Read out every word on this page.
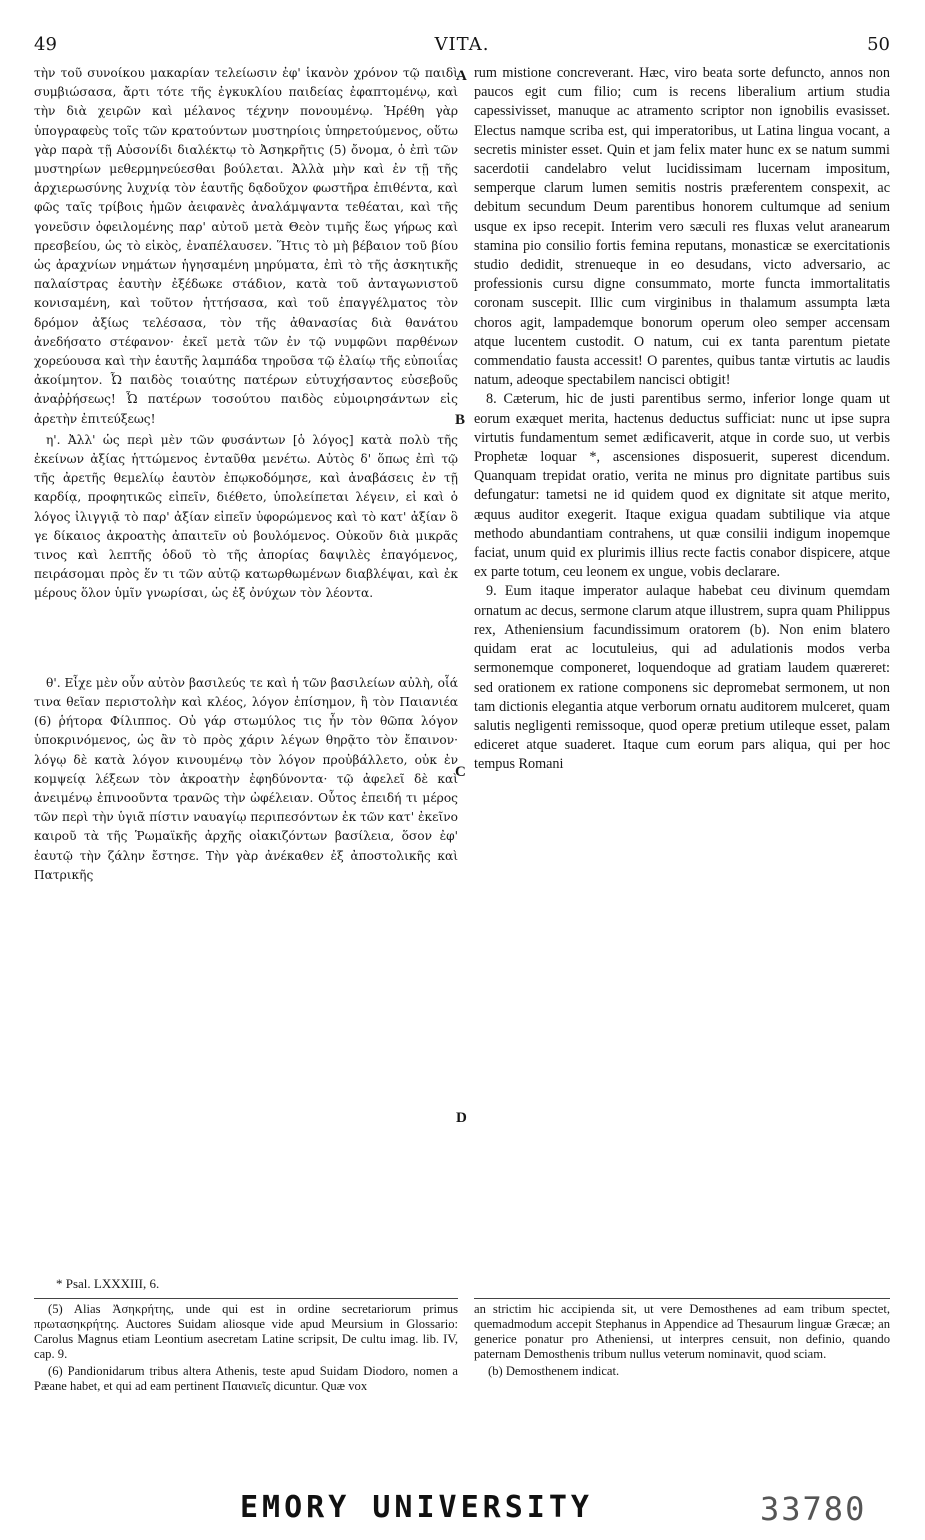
49	VITA.	50

τὴν τοῦ συνοίκου μακαρίαν τελείωσιν ἐφ' ἱκανὸν χρόνον τῷ παιδὶ συμβιώσασα, ἄρτι τότε τῆς ἐγκυκλίου παιδείας ἐφαπτομένῳ, καὶ τὴν διὰ χειρῶν καὶ μέλανος τέχνην πονουμένῳ. Ἡρέθη γὰρ ὑπογραφεὺς τοῖς τῶν κρατούντων μυστηρίοις ὑπηρετούμενος, οὕτω γὰρ παρὰ τῇ Αὐσονίδι διαλέκτῳ τὸ Ἀσηκρῆτις (5) ὄνομα, ὁ ἐπὶ τῶν μυστηρίων μεθερμηνεύεσθαι βούλεται. Ἀλλὰ μὴν καὶ ἐν τῇ τῆς ἀρχιερωσύνης λυχνίᾳ τὸν ἑαυτῆς δᾳδοῦχον φωστῆρα ἐπιθέντα, καὶ φῶς ταῖς τρίβοις ἡμῶν ἀειφανὲς ἀναλάμψαντα τεθέαται, καὶ τῆς γονεῦσιν ὀφειλομένης παρ' αὐτοῦ μετὰ Θεὸν τιμῆς ἕως γήρως καὶ πρεσβείου, ὡς τὸ εἰκὸς, ἐναπέλαυσεν. Ἥτις τὸ μὴ βέβαιον τοῦ βίου ὡς ἀραχνίων νημάτων ἡγησαμένη μηρύματα, ἐπὶ τὸ τῆς ἀσκητικῆς παλαίστρας ἑαυτὴν ἐξέδωκε στάδιον, κατὰ τοῦ ἀνταγωνιστοῦ κονισαμένη, καὶ τοῦτον ἡττήσασα, καὶ τοῦ ἐπαγγέλματος τὸν δρόμον ἀξίως τελέσασα, τὸν τῆς ἀθανασίας διὰ θανάτου ἀνεδήσατο στέφανον· ἐκεῖ μετὰ τῶν ἐν τῷ νυμφῶνι παρθένων χορεύουσα καὶ τὴν ἑαυτῆς λαμπάδα τηροῦσα τῷ ἐλαίῳ τῆς εὐποιΐας ἀκοίμητον. Ὦ παιδὸς τοιαύτης πατέρων εὐτυχήσαντος εὐσεβοῦς ἀναῤῥήσεως! Ὦ πατέρων τοσούτου παιδὸς εὐμοιρησάντων εἰς ἀρετὴν ἐπιτεύξεως!

η'. Ἀλλ' ὡς περὶ μὲν τῶν φυσάντων [ὁ λόγος] κατὰ πολὺ τῆς ἐκείνων ἀξίας ἡττώμενος ἐνταῦθα μενέτω. Αὐτὸς δ' ὅπως ἐπὶ τῷ τῆς ἀρετῆς θεμελίῳ ἑαυτὸν ἐπῳκοδόμησε, καὶ ἀναβάσεις ἐν τῇ καρδίᾳ, προφητικῶς εἰπεῖν, διέθετο, ὑπολείπεται λέγειν, εἰ καὶ ὁ λόγος ἰλιγγιᾷ τὸ παρ' ἀξίαν εἰπεῖν ὑφορώμενος καὶ τὸ κατ' ἀξίαν ὃ γε δίκαιος ἀκροατὴς ἀπαιτεῖν οὐ βουλόμενος. Οὐκοῦν διὰ μικρᾶς τινος καὶ λεπτῆς ὁδοῦ τὸ τῆς ἀπορίας δαψιλὲς ἐπαγόμενος, πειράσομαι πρὸς ἕν τι τῶν αὐτῷ κατωρθωμένων διαβλέψαι, καὶ ἐκ μέρους ὅλον ὑμῖν γνωρίσαι, ὡς ἐξ ὀνύχων τὸν λέοντα.

θ'. Εἶχε μὲν οὖν αὐτὸν βασιλεύς τε καὶ ἡ τῶν βασιλείων αὐλὴ, οἷά τινα θεῖαν περιστολὴν καὶ κλέος, λόγον ἐπίσημον, ἢ τὸν Παιανιέα (6) ῥήτορα Φίλιππος. Οὐ γάρ στωμύλος τις ἦν τὸν θῶπα λόγον ὑποκρινόμενος, ὡς ἂν τὸ πρὸς χάριν λέγων θηρᾷτο τὸν ἔπαινον· λόγῳ δὲ κατὰ λόγον κινουμένῳ τὸν λόγον προὐβάλλετο, οὐκ ἐν κομψείᾳ λέξεων τὸν ἀκροατὴν ἐφηδύνοντα· τῷ ἀφελεῖ δὲ καὶ ἀνειμένῳ ἐπινοοῦντα τρανῶς τὴν ὠφέλειαν. Οὗτος ἐπειδή τι μέρος τῶν περὶ τὴν ὑγιᾶ πίστιν ναυαγίῳ περιπεσόντων ἐκ τῶν κατ' ἐκεῖνο καιροῦ τὰ τῆς Ῥωμαϊκῆς ἀρχῆς οἰακιζόντων βασίλεια, ὅσον ἐφ' ἑαυτῷ τὴν ζάλην ἔστησε. Τὴν γὰρ ἀνέκαθεν ἐξ ἀποστολικῆς καὶ Πατρικῆς

rum mistione concreverant. Hæc, viro beata sorte defuncto, annos non paucos egit cum filio; cum is recens liberalium artium studia capessivisset, manuque ac atramento scriptor non ignobilis evasisset. Electus namque scriba est, qui imperatoribus, ut Latina lingua vocant, a secretis minister esset. Quin et jam felix mater hunc ex se natum summi sacerdotii candelabro velut lucidissimam lucernam impositum, semperque clarum lumen semitis nostris præferentem conspexit, ac debitum secundum Deum parentibus honorem cultumque ad senium usque ex ipso recepit. Interim vero sæculi res fluxas velut aranearum stamina pio consilio fortis femina reputans, monasticæ se exercitationis studio dedidit, strenueque in eo desudans, victo adversario, ac professionis cursu digne consummato, morte functa immortalitatis coronam suscepit. Illic cum virginibus in thalamum assumpta læta choros agit, lampademque bonorum operum oleo semper accensam atque lucentem custodit. O natum, cui ex tanta parentum pietate commendatio fausta accessit! O parentes, quibus tantæ virtutis ac laudis natum, adeoque spectabilem nancisci obtigit!

8. Cæterum, hic de justi parentibus sermo, inferior longe quam ut eorum exæquet merita, hactenus deductus sufficiat: nunc ut ipse supra virtutis fundamentum semet ædificaverit, atque in corde suo, ut verbis Prophetæ loquar *, ascensiones disposuerit, superest dicendum. Quanquam trepidat oratio, verita ne minus pro dignitate partibus suis defungatur: tametsi ne id quidem quod ex dignitate sit atque merito, æquus auditor exegerit. Itaque exigua quadam subtilique via atque methodo abundantiam contrahens, ut quæ consilii indigum inopemque faciat, unum quid ex plurimis illius recte factis conabor dispicere, atque ex parte totum, ceu leonem ex ungue, vobis declarare.

9. Eum itaque imperator aulaque habebat ceu divinum quemdam ornatum ac decus, sermone clarum atque illustrem, supra quam Philippus rex, Atheniensium facundissimum oratorem (b). Non enim blatero quidam erat ac locutuleius, qui ad adulationis modos verba sermonemque componeret, loquendoque ad gratiam laudem quæreret: sed orationem ex ratione componens sic depromebat sermonem, ut non tam dictionis elegantia atque verborum ornatu auditorem mulceret, quam salutis negligenti remissoque, quod operæ pretium utileque esset, palam ediceret atque suaderet. Itaque cum eorum pars aliqua, qui per hoc tempus Romani

A
B
C
D
* Psal. LXXXIII, 6.

(5) Alias Ἀσηκρήτης, unde qui est in ordine secretariorum primus πρωτασηκρήτης. Auctores Suidam aliosque vide apud Meursium in Glossario: Carolus Magnus etiam Leontium asecretam Latine scripsit, De cultu imag. lib. IV, cap. 9.

(6) Pandionidarum tribus altera Athenis, teste apud Suidam Diodoro, nomen a Pæane habet, et qui ad eam pertinent Παιανιεῖς dicuntur. Quæ vox

an strictim hic accipienda sit, ut vere Demosthenes ad eam tribum spectet, quemadmodum accepit Stephanus in Appendice ad Thesaurum linguæ Græcæ; an generice ponatur pro Atheniensi, ut interpres censuit, non definio, quando paternam Demosthenis tribum nullus veterum nominavit, quod sciam.

(b) Demosthenem indicat.

EMORY UNIVERSITY	33780
